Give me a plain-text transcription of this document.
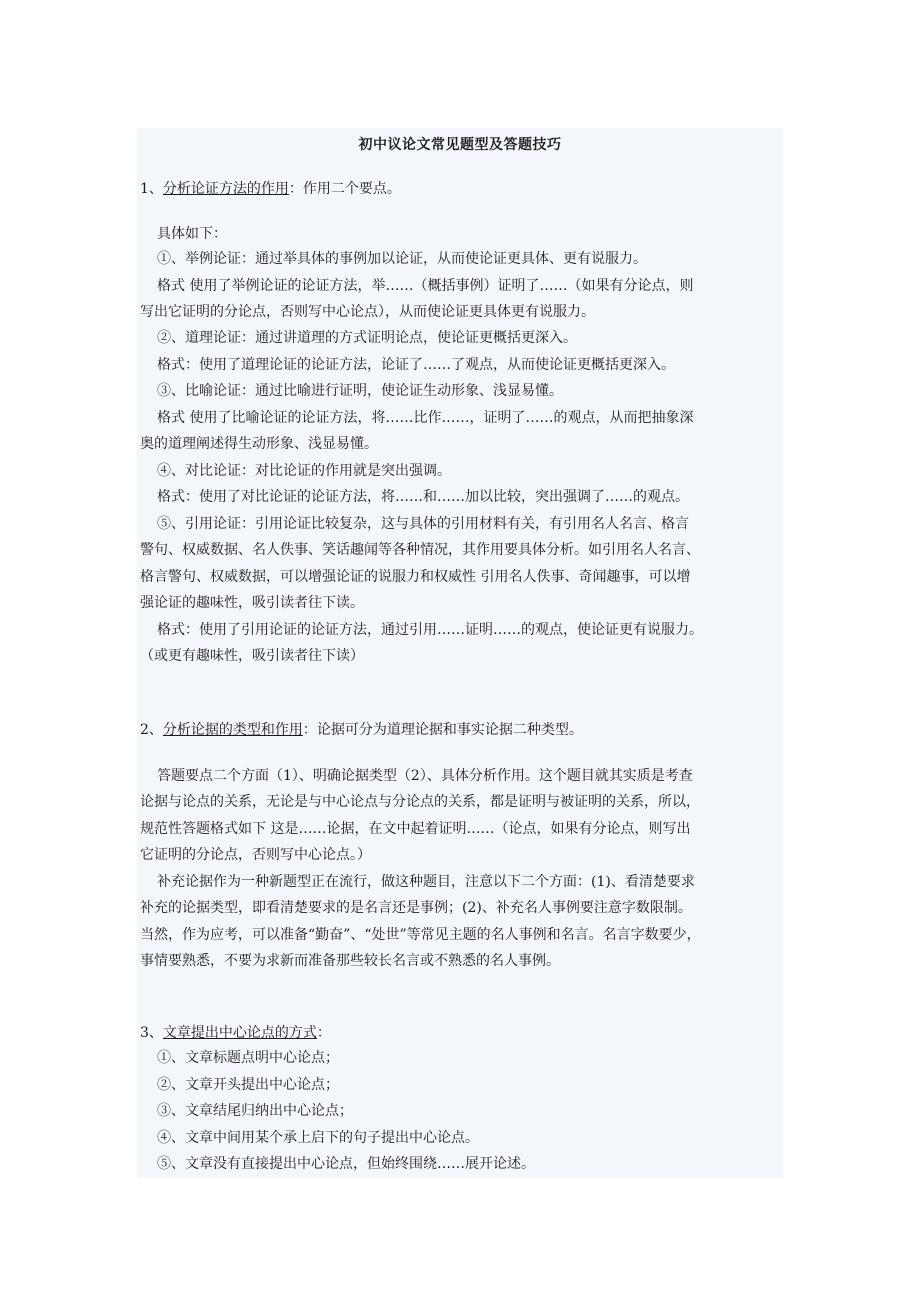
初中议论文常见题型及答题技巧
1、分析论证方法的作用：作用二个要点。
具体如下：
①、举例论证：通过举具体的事例加以论证，从而使论证更具体、更有说服力。
格式 使用了举例论证的论证方法，举……（概括事例）证明了……（如果有分论点，则
写出它证明的分论点，否则写中心论点），从而使论证更具体更有说服力。
②、道理论证：通过讲道理的方式证明论点，使论证更概括更深入。
格式：使用了道理论证的论证方法，论证了……了观点，从而使论证更概括更深入。
③、比喻论证：通过比喻进行证明，使论证生动形象、浅显易懂。
格式 使用了比喻论证的论证方法，将……比作……，证明了……的观点，从而把抽象深
奥的道理阐述得生动形象、浅显易懂。
④、对比论证：对比论证的作用就是突出强调。
格式：使用了对比论证的论证方法，将……和……加以比较，突出强调了……的观点。
⑤、引用论证：引用论证比较复杂，这与具体的引用材料有关，有引用名人名言、格言
警句、权威数据、名人佚事、笑话趣闻等各种情况，其作用要具体分析。如引用名人名言、
格言警句、权威数据，可以增强论证的说服力和权威性 引用名人佚事、奇闻趣事，可以增
强论证的趣味性，吸引读者往下读。
格式：使用了引用论证的论证方法，通过引用……证明……的观点，使论证更有说服力。
（或更有趣味性，吸引读者往下读）
2、分析论据的类型和作用：论据可分为道理论据和事实论据二种类型。
答题要点二个方面（1）、明确论据类型（2）、具体分析作用。这个题目就其实质是考查
论据与论点的关系，无论是与中心论点与分论点的关系，都是证明与被证明的关系，所以，
规范性答题格式如下 这是……论据，在文中起着证明……（论点，如果有分论点，则写出
它证明的分论点，否则写中心论点。）
补充论据作为一种新题型正在流行，做这种题目，注意以下二个方面：(1)、看清楚要求
补充的论据类型，即看清楚要求的是名言还是事例；(2)、补充名人事例要注意字数限制。
当然，作为应考，可以准备“勤奋”、“处世”等常见主题的名人事例和名言。名言字数要少，
事情要熟悉，不要为求新而准备那些较长名言或不熟悉的名人事例。
3、文章提出中心论点的方式：
①、文章标题点明中心论点；
②、文章开头提出中心论点；
③、文章结尾归纳出中心论点；
④、文章中间用某个承上启下的句子提出中心论点。
⑤、文章没有直接提出中心论点，但始终围绕……展开论述。
